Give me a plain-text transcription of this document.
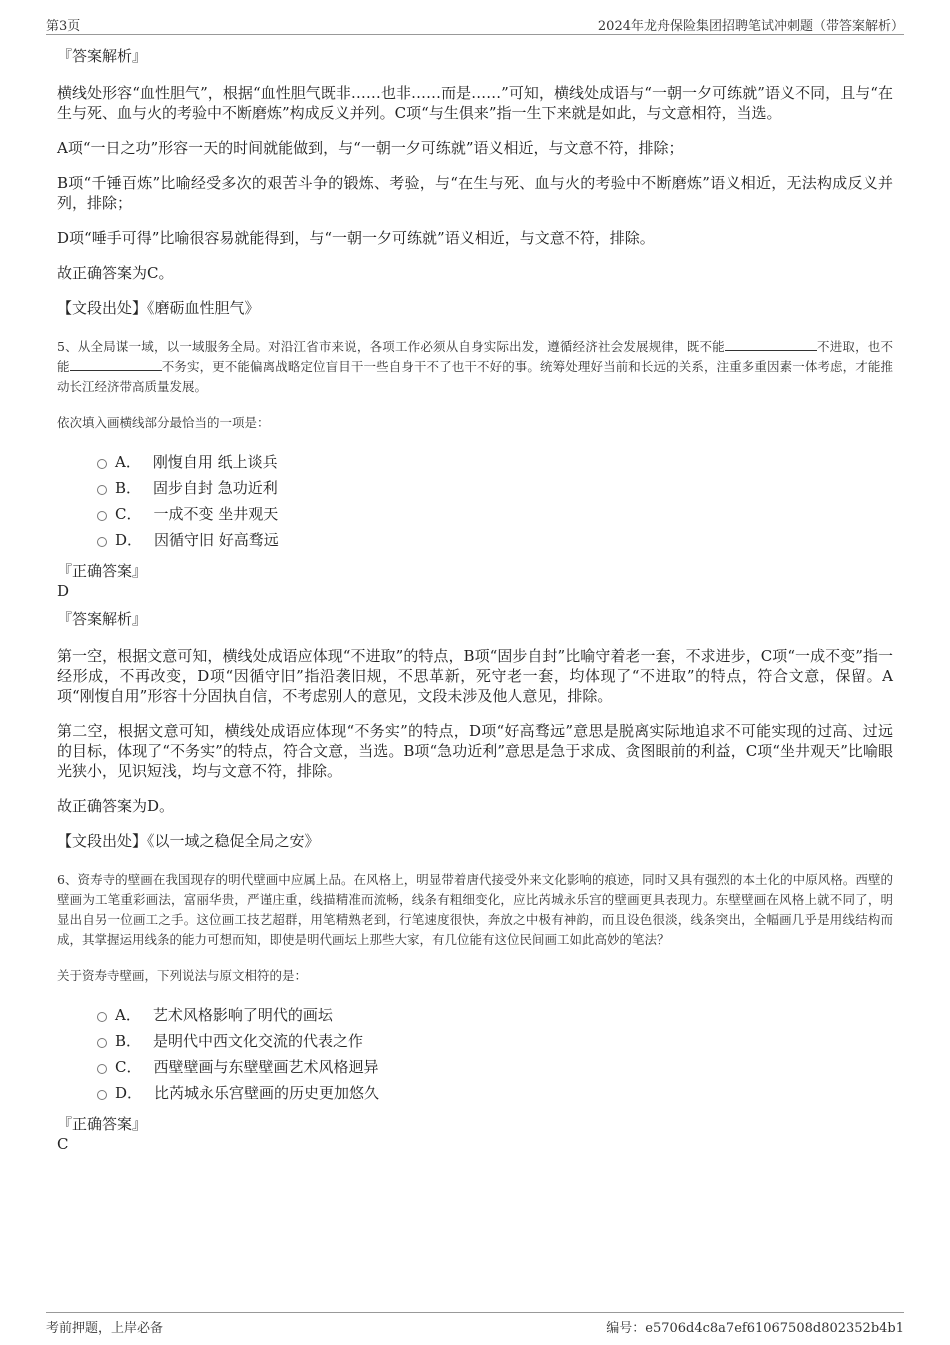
第3页	2024年龙舟保险集团招聘笔试冲刺题（带答案解析）

『答案解析』

横线处形容“血性胆气”，根据“血性胆气既非……也非……而是……”可知，横线处成语与“一朝一夕可练就”语义不同，且与“在生与死、血与火的考验中不断磨炼”构成反义并列。C项“与生俱来”指一生下来就是如此，与文意相符，当选。

A项“一日之功”形容一天的时间就能做到，与“一朝一夕可练就”语义相近，与文意不符，排除；

B项“千锤百炼”比喻经受多次的艰苦斗争的锻炼、考验，与“在生与死、血与火的考验中不断磨炼”语义相近，无法构成反义并列，排除；

D项“唾手可得”比喻很容易就能得到，与“一朝一夕可练就”语义相近，与文意不符，排除。

故正确答案为C。

【文段出处】《磨砺血性胆气》

5、从全局谋一域，以一域服务全局。对沿江省市来说，各项工作必须从自身实际出发，遵循经济社会发展规律，既不能	不进取，也不能	不务实，更不能偏离战略定位盲目干一些自身干不了也干不好的事。统筹处理好当前和长远的关系，注重多重因素一体考虑，才能推动长江经济带高质量发展。

依次填入画横线部分最恰当的一项是：

A． 刚愎自用 纸上谈兵
B． 固步自封 急功近利
C． 一成不变 坐井观天
D． 因循守旧 好高骛远

『正确答案』

D

『答案解析』

第一空，根据文意可知，横线处成语应体现“不进取”的特点，B项“固步自封”比喻守着老一套，不求进步，C项“一成不变”指一经形成，不再改变，D项“因循守旧”指沿袭旧规，不思革新，死守老一套，均体现了“不进取”的特点，符合文意，保留。A项“刚愎自用”形容十分固执自信，不考虑别人的意见，文段未涉及他人意见，排除。

第二空，根据文意可知，横线处成语应体现“不务实”的特点，D项“好高骛远”意思是脱离实际地追求不可能实现的过高、过远的目标，体现了“不务实”的特点，符合文意，当选。B项“急功近利”意思是急于求成、贪图眼前的利益，C项“坐井观天”比喻眼光狭小，见识短浅，均与文意不符，排除。

故正确答案为D。

【文段出处】《以一域之稳促全局之安》

6、资寿寺的壁画在我国现存的明代壁画中应属上品。在风格上，明显带着唐代接受外来文化影响的痕迹，同时又具有强烈的本土化的中原风格。西壁的壁画为工笔重彩画法，富丽华贵，严谨庄重，线描精准而流畅，线条有粗细变化，应比芮城永乐宫的壁画更具表现力。东壁壁画在风格上就不同了，明显出自另一位画工之手。这位画工技艺超群，用笔精熟老到，行笔速度很快，奔放之中极有神韵，而且设色很淡，线条突出，全幅画几乎是用线结构而成，其掌握运用线条的能力可想而知，即使是明代画坛上那些大家，有几位能有这位民间画工如此高妙的笔法？

关于资寿寺壁画，下列说法与原文相符的是：

A． 艺术风格影响了明代的画坛
B． 是明代中西文化交流的代表之作
C． 西壁壁画与东壁壁画艺术风格迥异
D． 比芮城永乐宫壁画的历史更加悠久

『正确答案』

C

考前押题，上岸必备	编号：e5706d4c8a7ef61067508d802352b4b1
